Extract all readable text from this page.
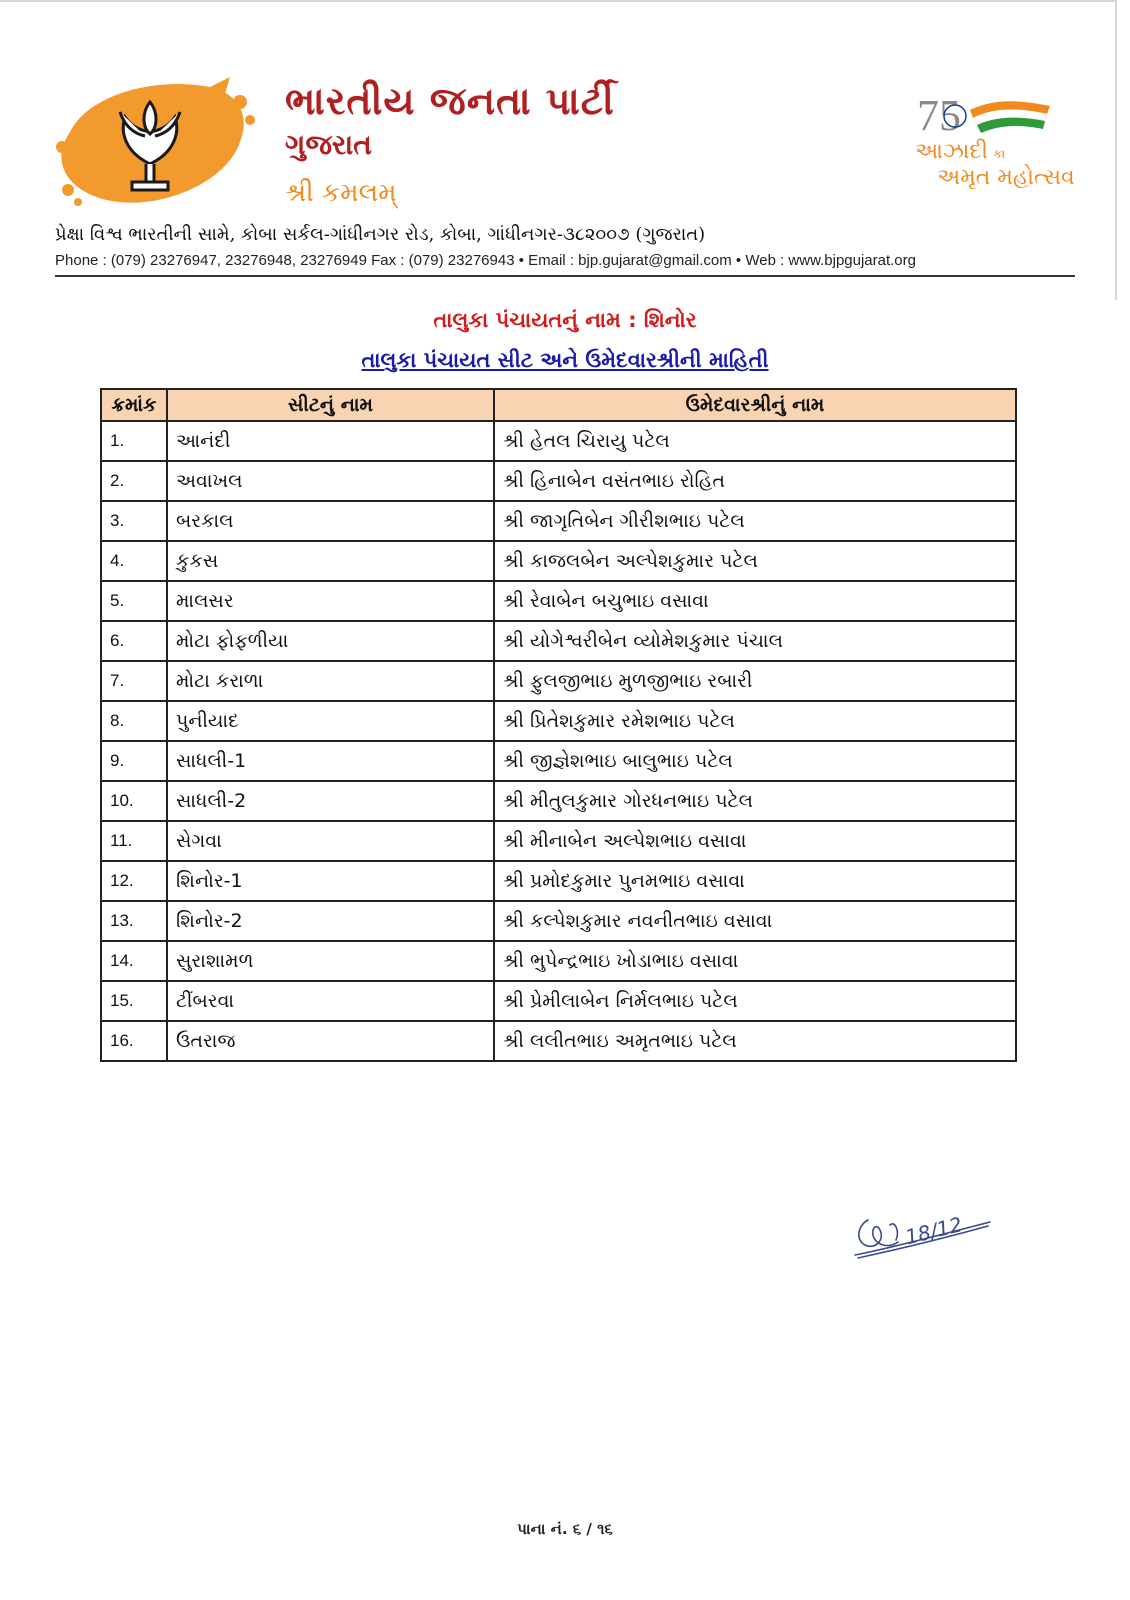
ભારતીય જનતા પાર્ટી
ગુજરાત
શ્રી કમલમ્
75
આઝાદી કા
અમૃત મહોત્સવ
પ્રેક્ષા વિશ્વ ભારતીની સામે, કોબા સર્કલ-ગાંધીનગર રોડ, કોબા, ગાંધીનગર-૩૮૨૦૦૭ (ગુજરાત)
Phone : (079) 23276947, 23276948, 23276949 Fax : (079) 23276943 • Email : bjp.gujarat@gmail.com • Web : www.bjpgujarat.org
તાલુકા પંચાયતનું નામ : શિનોર
તાલુકા પંચાયત સીટ અને ઉમેદવારશ્રીની માહિતી
ક્રમાંક	સીટનું નામ	ઉમેદવારશ્રીનું નામ
1.	આનંદી	શ્રી હેતલ ચિરાયુ પટેલ
2.	અવાખલ	શ્રી હિનાબેન વસંતભાઇ રોહિત
3.	બરકાલ	શ્રી જાગૃતિબેન ગીરીશભાઇ પટેલ
4.	કુકસ	શ્રી કાજલબેન અલ્પેશકુમાર પટેલ
5.	માલસર	શ્રી રેવાબેન બચુભાઇ વસાવા
6.	મોટા ફોફળીયા	શ્રી યોગેશ્વરીબેન વ્યોમેશકુમાર પંચાલ
7.	મોટા કરાળા	શ્રી ફુલજીભાઇ મુળજીભાઇ રબારી
8.	પુનીયાદ	શ્રી પ્રિતેશકુમાર રમેશભાઇ પટેલ
9.	સાધલી-1	શ્રી જીજ્ઞેશભાઇ બાલુભાઇ પટેલ
10.	સાધલી-2	શ્રી મીતુલકુમાર ગોરધનભાઇ પટેલ
11.	સેગવા	શ્રી મીનાબેન અલ્પેશભાઇ વસાવા
12.	શિનોર-1	શ્રી પ્રમોદકુમાર પુનમભાઇ વસાવા
13.	શિનોર-2	શ્રી કલ્પેશકુમાર નવનીતભાઇ વસાવા
14.	સુરાશામળ	શ્રી ભુપેન્દ્રભાઇ ખોડાભાઇ વસાવા
15.	ટીંબરવા	શ્રી પ્રેમીલાબેન નિર્મલભાઇ પટેલ
16.	ઉતરાજ	શ્રી લલીતભાઇ અમૃતભાઇ પટેલ
18/12
પાના નં. ૬ / ૧૬
